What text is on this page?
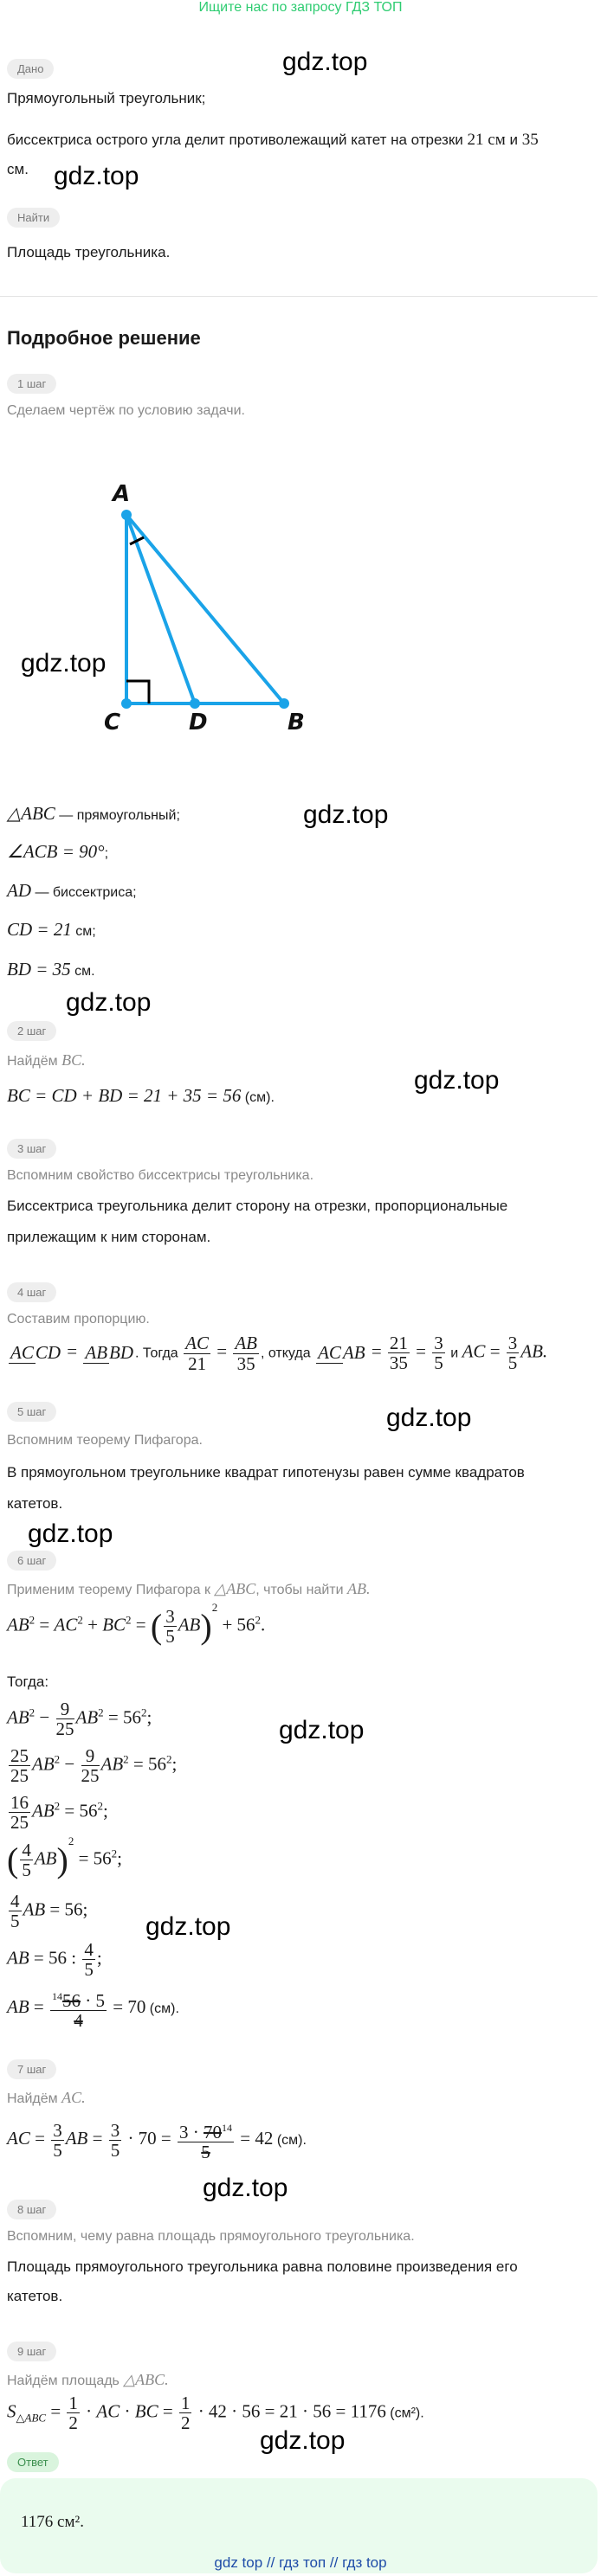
Ищите нас по запросу ГДЗ ТОП
gdz.top
gdz.top
gdz.top
gdz.top
gdz.top
gdz.top
gdz.top
gdz.top
gdz.top
gdz.top
gdz.top
gdz.top
Дано
Прямоугольный треугольник;
биссектриса острого угла делит противолежащий катет на отрезки 21 см и 35
см.
Найти
Площадь треугольника.
Подробное решение
1 шаг
Сделаем чертёж по условию задачи.
A
C	D	B
△ABC — прямоугольный;
∠ACB = 90°;
AD — биссектриса;
CD = 21 см;
BD = 35 см.
2 шаг
Найдём BC.
BC = CD + BD = 21 + 35 = 56 (см).
3 шаг
Вспомним свойство биссектрисы треугольника.
Биссектриса треугольника делит сторону на отрезки, пропорциональные
прилежащим к ним сторонам.
4 шаг
Составим пропорцию.
ACCD = ABBD . Тогда $\frac{AC}{21} = \frac{AB}{35}$ , откуда ACAB = $\frac{21}{35} = \frac{3}{5}$ и AC = $\frac{3}{5}$ AB.
5 шаг
Вспомним теорему Пифагора.
В прямоугольном треугольнике квадрат гипотенузы равен сумме квадратов
катетов.
6 шаг
Применим теорему Пифагора к △ABC, чтобы найти AB.
$AB^2 = AC^2 + BC^2$ = ( $\frac{3}{5} AB)^2 + 56^2$.
Тогда:
$AB^2 - \frac{9}{25} AB^2 = 56^2$;
$\frac{25}{25} AB^2 - \frac{9}{25} AB^2 = 56^2$;
$\frac{16}{25} AB^2 = 56^2$;
( $\frac{4}{5} AB)^2 = 56^2$;
$\frac{4}{5}$ AB = 56;
AB = 56 : $\frac{4}{5}$ ;
AB = $\frac{^{14}56 \cdot 5}{4} = 70$ (см).
7 шаг
Найдём AC.
AC = $\frac{3}{5}$ AB = $\frac{3}{5} \cdot 70 = \frac{3 \cdot 70^{14}}{5} = 42$ (см).
8 шаг
Вспомним, чему равна площадь прямоугольного треугольника.
Площадь прямоугольного треугольника равна половине произведения его
катетов.
9 шаг
Найдём площадь △ABC.
$S_{\triangle ABC} = \frac{1}{2}$ · AC · BC = $\frac{1}{2} \cdot 42 \cdot 56 = 21 \cdot 56 = 1176$ (см²).
Ответ
1176 см².
gdz top // гдз топ // гдз top
